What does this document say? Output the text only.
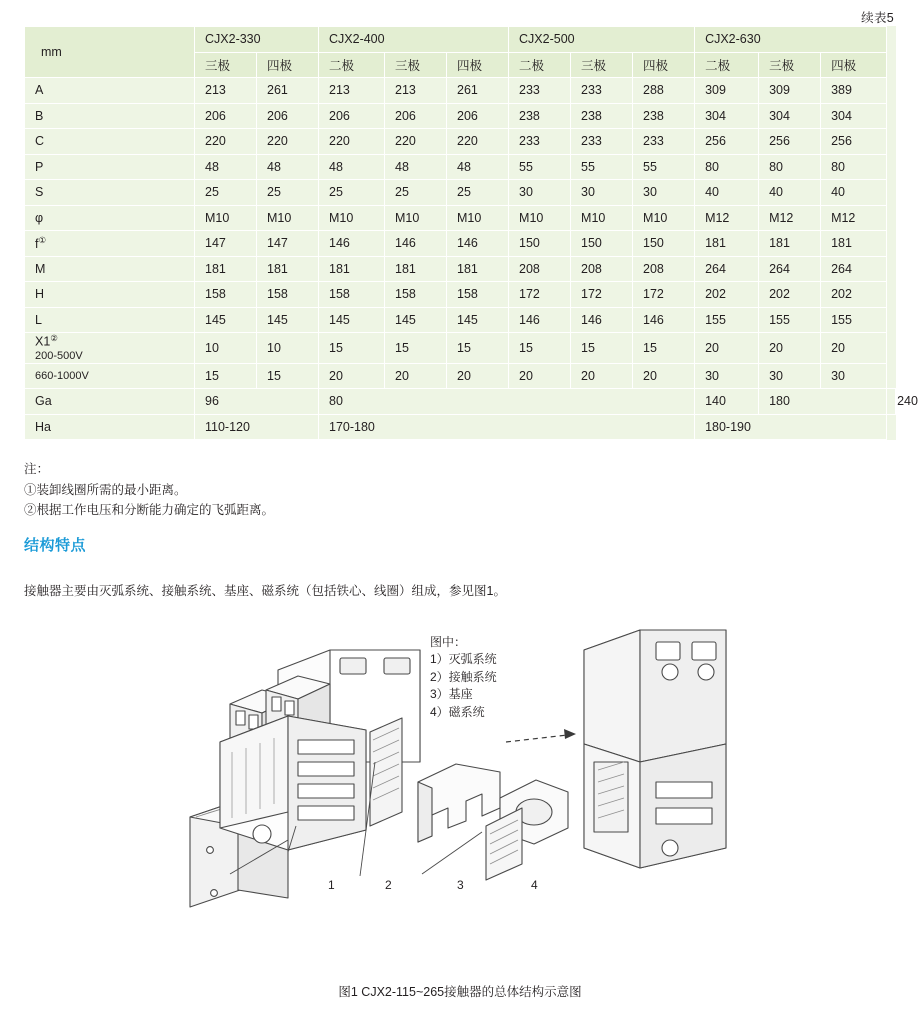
续表5
mm	CJX2-330		CJX2-400			CJX2-500			CJX2-630			
	三极	四极	二极	三极	四极	二极	三极	四极	二极	三极	四极	
A	213	261	213	213	261	233	233	288	309	309	389	
B	206	206	206	206	206	238	238	238	304	304	304	
C	220	220	220	220	220	233	233	233	256	256	256	
P	48	48	48	48	48	55	55	55	80	80	80	
S	25	25	25	25	25	30	30	30	40	40	40	
φ	M10	M10	M10	M10	M10	M10	M10	M10	M12	M12	M12	
f①	147	147	146	146	146	150	150	150	181	181	181	
M	181	181	181	181	181	208	208	208	264	264	264	
H	158	158	158	158	158	172	172	172	202	202	202	
L	145	145	145	145	145	146	146	146	155	155	155	

X1②
200-500V	10	10	15	15	15	15	15	15	20	20	20	
660-1000V	15	15	20	20	20	20	20	20	30	30	30	
Ga	96		80						140	180		240
Ha	110-120		170-180						180-190			
注：
①装卸线圈所需的最小距离。
②根据工作电压和分断能力确定的飞弧距离。
结构特点
接触器主要由灭弧系统、接触系统、基座、磁系统（包括铁心、线圈）组成，参见图1。
图中：
1）灭弧系统
2）接触系统
3）基座
4）磁系统
1	2	3	4
图1 CJX2-115~265接触器的总体结构示意图
